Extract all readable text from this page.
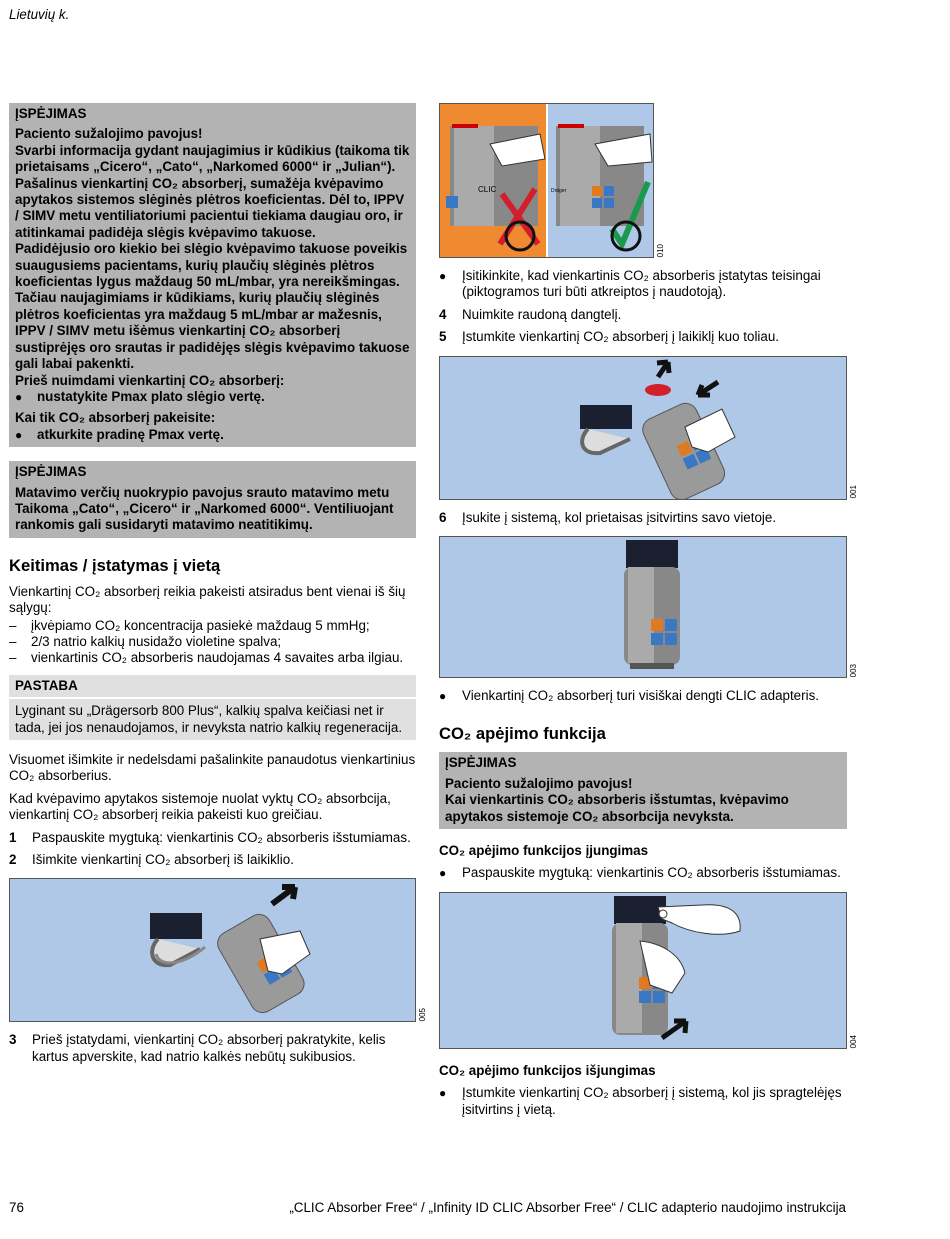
Lietuvių k.
ĮSPĖJIMAS

Paciento sužalojimo pavojus!

Svarbi informacija gydant naujagimius ir kūdikius (taikoma tik prietaisams „Cicero“, „Cato“, „Narkomed 6000“ ir „Julian“).

Pašalinus vienkartinį CO₂ absorberį, sumažėja kvėpavimo apytakos sistemos slėginės plėtros koeficientas. Dėl to, IPPV / SIMV metu ventiliatoriumi pacientui tiekiama daugiau oro, ir atitinkamai padidėja slėgis kvėpavimo takuose.

Padidėjusio oro kiekio bei slėgio kvėpavimo takuose poveikis suaugusiems pacientams, kurių plaučių slėginės plėtros koeficientas lygus maždaug 50 mL/mbar, yra nereikšmingas.

Tačiau naujagimiams ir kūdikiams, kurių plaučių slėginės plėtros koeficientas yra maždaug 5 mL/mbar ar mažesnis, IPPV / SIMV metu išėmus vienkartinį CO₂ absorberį sustiprėjęs oro srautas ir padidėjęs slėgis kvėpavimo takuose gali labai pakenkti.

Prieš nuimdami vienkartinį CO₂ absorberį:

● nustatykite Pmax plato slėgio vertę.

Kai tik CO₂ absorberį pakeisite:

● atkurkite pradinę Pmax vertę.
ĮSPĖJIMAS

Matavimo verčių nuokrypio pavojus srauto matavimo metu Taikoma „Cato“, „Cicero“ ir „Narkomed 6000“. Ventiliuojant rankomis gali susidaryti matavimo neatitikimų.

Keitimas / įstatymas į vietą

Vienkartinį CO₂ absorberį reikia pakeisti atsiradus bent vienai iš šių sąlygų:

– įkvėpiamo CO₂ koncentracija pasiekė maždaug 5 mmHg;
– 2/3 natrio kalkių nusidažo violetine spalva;
– vienkartinis CO₂ absorberis naudojamas 4 savaites arba ilgiau.
PASTABA

Lyginant su „Drägersorb 800 Plus“, kalkių spalva keičiasi net ir tada, jei jos nenaudojamos, ir nevyksta natrio kalkių regeneracija.

Visuomet išimkite ir nedelsdami pašalinkite panaudotus vienkartinius CO₂ absorberius.

Kad kvėpavimo apytakos sistemoje nuolat vyktų CO₂ absorbcija, vienkartinį CO₂ absorberį reikia pakeisti kuo greičiau.

1 Paspauskite mygtuką: vienkartinis CO₂ absorberis išstumiamas.
2 Išimkite vienkartinį CO₂ absorberį iš laikiklio.
005
3 Prieš įstatydami, vienkartinį CO₂ absorberį pakratykite, kelis kartus apverskite, kad natrio kalkės nebūtų sukibusios.
CLIC	Dräger
010
● Įsitikinkite, kad vienkartinis CO₂ absorberis įstatytas teisingai (piktogramos turi būti atkreiptos į naudotoją).
4 Nuimkite raudoną dangtelį.
5 Įstumkite vienkartinį CO₂ absorberį į laikiklį kuo toliau.
001
6 Įsukite į sistemą, kol prietaisas įsitvirtins savo vietoje.
003
● Vienkartinį CO₂ absorberį turi visiškai dengti CLIC adapteris.
CO₂ apėjimo funkcija
ĮSPĖJIMAS

Paciento sužalojimo pavojus!

Kai vienkartinis CO₂ absorberis išstumtas, kvėpavimo apytakos sistemoje CO₂ absorbcija nevyksta.

CO₂ apėjimo funkcijos įjungimas
● Paspauskite mygtuką: vienkartinis CO₂ absorberis išstumiamas.
004
CO₂ apėjimo funkcijos išjungimas
● Įstumkite vienkartinį CO₂ absorberį į sistemą, kol jis spragtelėjęs įsitvirtins į vietą.
76	„CLIC Absorber Free“ / „Infinity ID CLIC Absorber Free“ / CLIC adapterio naudojimo instrukcija
